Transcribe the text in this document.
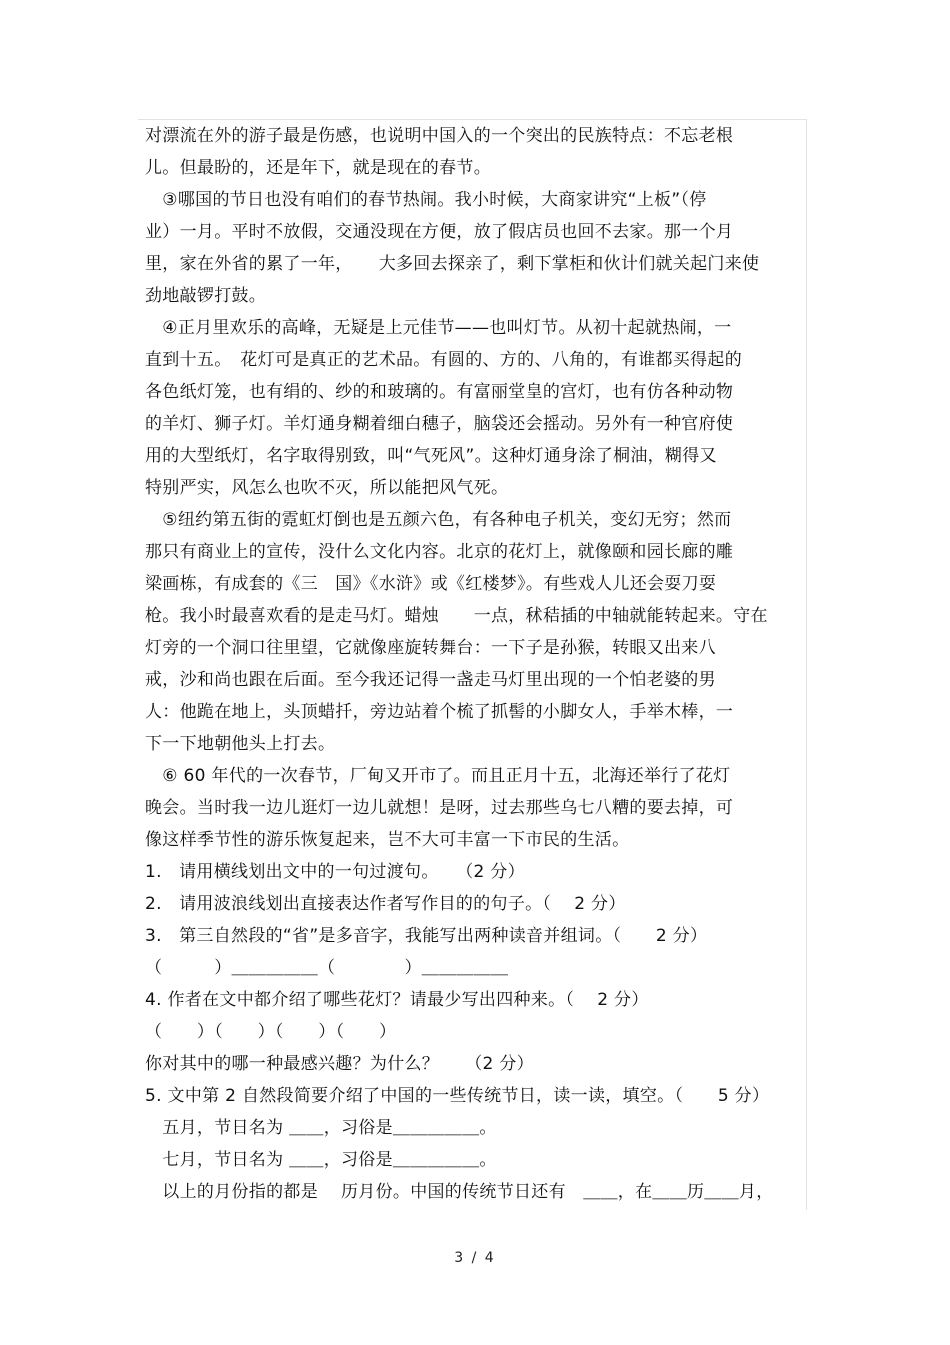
对漂流在外的游子最是伤感，也说明中国入的一个突出的民族特点：不忘老根
儿。但最盼的，还是年下，就是现在的春节。
　③哪国的节日也没有咱们的春节热闹。我小时候，大商家讲究“上板”（停
业）一月。平时不放假，交通没现在方便，放了假店员也回不去家。那一个月
里，家在外省的累了一年，　　大多回去探亲了，剩下掌柜和伙计们就关起门来使
劲地敲锣打鼓。
　④正月里欢乐的高峰，无疑是上元佳节——也叫灯节。从初十起就热闹，一
直到十五。　花灯可是真正的艺术品。有圆的、方的、八角的，有谁都买得起的
各色纸灯笼，也有绢的、纱的和玻璃的。有富丽堂皇的宫灯，也有仿各种动物
的羊灯、狮子灯。羊灯通身糊着细白穗子，脑袋还会摇动。另外有一种官府使
用的大型纸灯，名字取得别致，叫“气死风”。这种灯通身涂了桐油，糊得又
特别严实，风怎么也吹不灭，所以能把风气死。
　⑤纽约第五街的霓虹灯倒也是五颜六色，有各种电子机关，变幻无穷；然而
那只有商业上的宣传，没什么文化内容。北京的花灯上，就像颐和园长廊的雕
梁画栋，有成套的《三　国》《水浒》或《红楼梦》。有些戏人儿还会耍刀耍
枪。我小时最喜欢看的是走马灯。蜡烛　　一点，秫秸插的中轴就能转起来。守在
灯旁的一个洞口往里望，它就像座旋转舞台：一下子是孙猴，转眼又出来八
戒，沙和尚也跟在后面。至今我还记得一盏走马灯里出现的一个怕老婆的男
人：他跪在地上，头顶蜡扦，旁边站着个梳了抓髻的小脚女人，手举木棒，一
下一下地朝他头上打去。
　⑥ 60 年代的一次春节，厂甸又开市了。而且正月十五，北海还举行了花灯
晚会。当时我一边儿逛灯一边儿就想！是呀，过去那些乌七八糟的要去掉，可
像这样季节性的游乐恢复起来，岂不大可丰富一下市民的生活。
1.　请用横线划出文中的一句过渡句。　　（2 分）
2.　请用波浪线划出直接表达作者写作目的的句子。（　 2 分）
3.　第三自然段的“省”是多音字，我能写出两种读音并组词。（　　2 分）
（　　　）＿＿＿＿＿（　　　　）＿＿＿＿＿
4. 作者在文中都介绍了哪些花灯？请最少写出四种来。（　 2 分）
（　　）（　　）（　　）（　　）
你对其中的哪一种最感兴趣？为什么？　　（2 分）
5. 文中第 2 自然段简要介绍了中国的一些传统节日，读一读，填空。（　　5 分）
　五月，节日名为 ＿＿，习俗是＿＿＿＿＿。
　七月，节日名为 ＿＿，习俗是＿＿＿＿＿。
　以上的月份指的都是　 历月份。中国的传统节日还有　＿＿，在＿＿历＿＿月，
3 / 4
